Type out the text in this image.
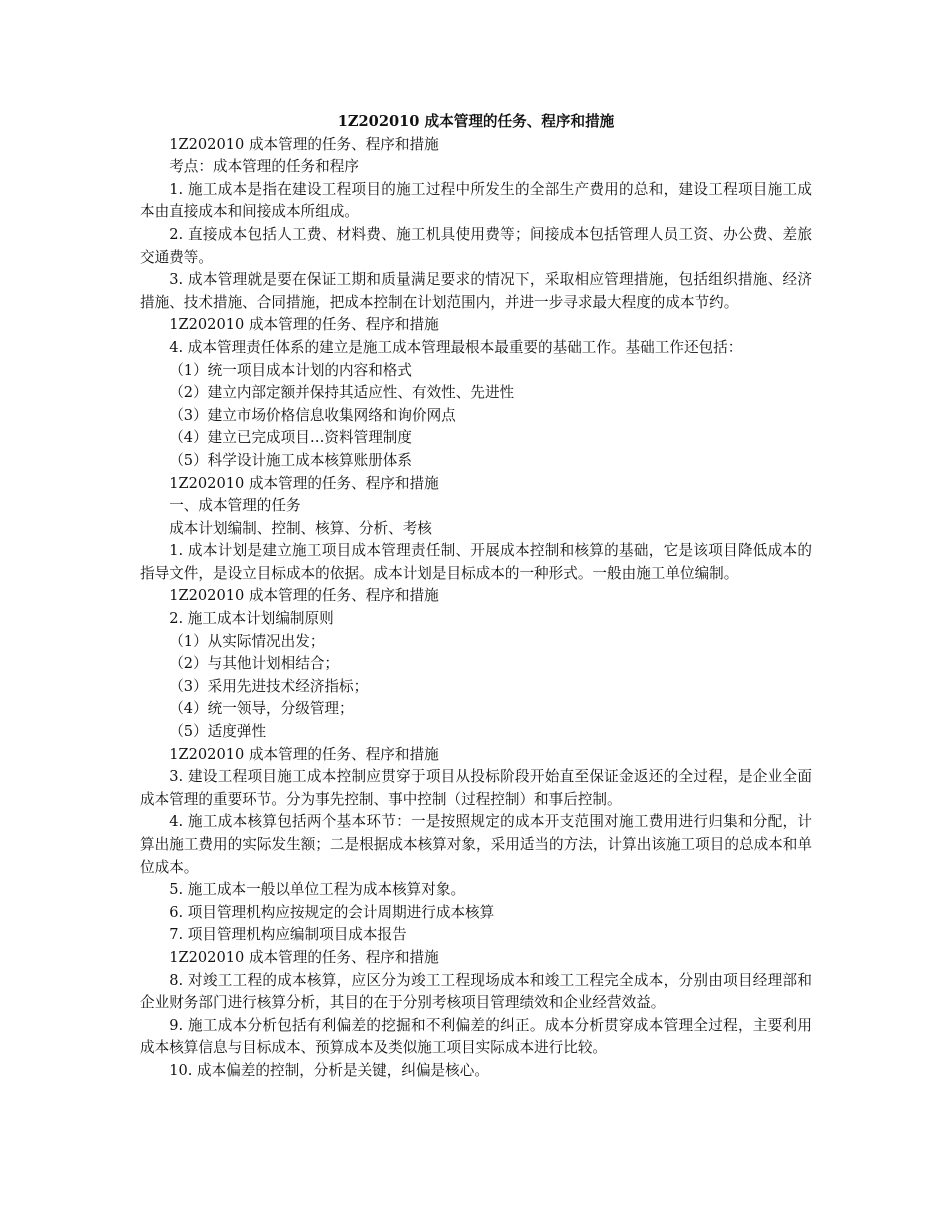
1Z202010 成本管理的任务、程序和措施
1Z202010 成本管理的任务、程序和措施
考点：成本管理的任务和程序
1. 施工成本是指在建设工程项目的施工过程中所发生的全部生产费用的总和，建设工程项目施工成本由直接成本和间接成本所组成。
2. 直接成本包括人工费、材料费、施工机具使用费等；间接成本包括管理人员工资、办公费、差旅交通费等。
3. 成本管理就是要在保证工期和质量满足要求的情况下，采取相应管理措施，包括组织措施、经济措施、技术措施、合同措施，把成本控制在计划范围内，并进一步寻求最大程度的成本节约。
1Z202010 成本管理的任务、程序和措施
4. 成本管理责任体系的建立是施工成本管理最根本最重要的基础工作。基础工作还包括：
（1）统一项目成本计划的内容和格式
（2）建立内部定额并保持其适应性、有效性、先进性
（3）建立市场价格信息收集网络和询价网点
（4）建立已完成项目…资料管理制度
（5）科学设计施工成本核算账册体系
1Z202010 成本管理的任务、程序和措施
一、成本管理的任务
成本计划编制、控制、核算、分析、考核
1. 成本计划是建立施工项目成本管理责任制、开展成本控制和核算的基础，它是该项目降低成本的指导文件，是设立目标成本的依据。成本计划是目标成本的一种形式。一般由施工单位编制。
1Z202010 成本管理的任务、程序和措施
2. 施工成本计划编制原则
（1）从实际情况出发；
（2）与其他计划相结合；
（3）采用先进技术经济指标；
（4）统一领导，分级管理；
（5）适度弹性
1Z202010 成本管理的任务、程序和措施
3. 建设工程项目施工成本控制应贯穿于项目从投标阶段开始直至保证金返还的全过程，是企业全面成本管理的重要环节。分为事先控制、事中控制（过程控制）和事后控制。
4. 施工成本核算包括两个基本环节：一是按照规定的成本开支范围对施工费用进行归集和分配，计算出施工费用的实际发生额；二是根据成本核算对象，采用适当的方法，计算出该施工项目的总成本和单位成本。
5. 施工成本一般以单位工程为成本核算对象。
6. 项目管理机构应按规定的会计周期进行成本核算
7. 项目管理机构应编制项目成本报告
1Z202010 成本管理的任务、程序和措施
8. 对竣工工程的成本核算，应区分为竣工工程现场成本和竣工工程完全成本，分别由项目经理部和企业财务部门进行核算分析，其目的在于分别考核项目管理绩效和企业经营效益。
9. 施工成本分析包括有利偏差的挖掘和不利偏差的纠正。成本分析贯穿成本管理全过程，主要利用成本核算信息与目标成本、预算成本及类似施工项目实际成本进行比较。
10. 成本偏差的控制，分析是关键，纠偏是核心。
